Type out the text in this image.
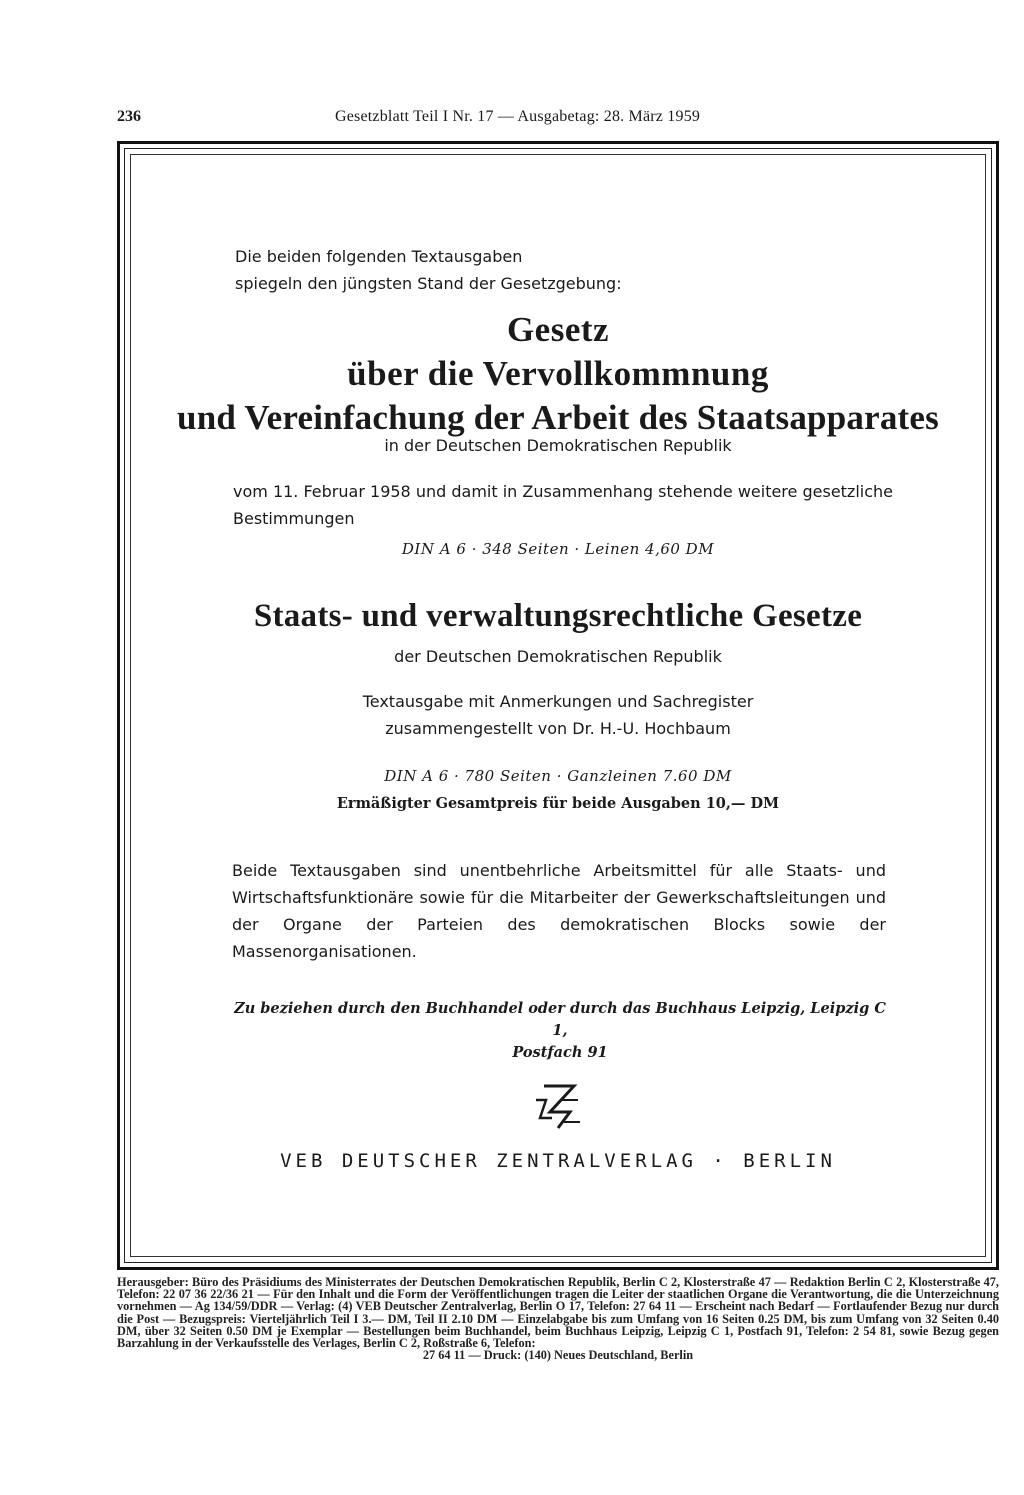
236	Gesetzblatt Teil I Nr. 17 — Ausgabetag: 28. März 1959
Die beiden folgenden Textausgaben
spiegeln den jüngsten Stand der Gesetzgebung:
Gesetz
über die Vervollkommnung
und Vereinfachung der Arbeit des Staatsapparates
in der Deutschen Demokratischen Republik
vom 11. Februar 1958 und damit in Zusammenhang stehende weitere gesetzliche Bestimmungen
DIN A 6 · 348 Seiten · Leinen 4,60 DM
Staats- und verwaltungsrechtliche Gesetze
der Deutschen Demokratischen Republik
Textausgabe mit Anmerkungen und Sachregister
zusammengestellt von Dr. H.-U. Hochbaum
DIN A 6 · 780 Seiten · Ganzleinen 7.60 DM
Ermäßigter Gesamtpreis für beide Ausgaben 10,— DM
Beide Textausgaben sind unentbehrliche Arbeitsmittel für alle Staats- und Wirtschaftsfunktionäre sowie für die Mitarbeiter der Gewerkschaftsleitungen und der Organe der Parteien des demokratischen Blocks sowie der Massenorganisationen.
Zu beziehen durch den Buchhandel oder durch das Buchhaus Leipzig, Leipzig C 1,
Postfach 91
VEB DEUTSCHER ZENTRALVERLAG · BERLIN
Herausgeber: Büro des Präsidiums des Ministerrates der Deutschen Demokratischen Republik, Berlin C 2, Klosterstraße 47 — Redaktion Berlin C 2, Klosterstraße 47, Telefon: 22 07 36 22/36 21 — Für den Inhalt und die Form der Veröffentlichungen tragen die Leiter der staatlichen Organe die Verantwortung, die die Unterzeichnung vornehmen — Ag 134/59/DDR — Verlag: (4) VEB Deutscher Zentralverlag, Berlin O 17, Telefon: 27 64 11 — Erscheint nach Bedarf — Fortlaufender Bezug nur durch die Post — Bezugspreis: Vierteljährlich Teil I 3.— DM, Teil II 2.10 DM — Einzelabgabe bis zum Umfang von 16 Seiten 0.25 DM, bis zum Umfang von 32 Seiten 0.40 DM, über 32 Seiten 0.50 DM je Exemplar — Bestellungen beim Buchhandel, beim Buchhaus Leipzig, Leipzig C 1, Postfach 91, Telefon: 2 54 81, sowie Bezug gegen Barzahlung in der Verkaufsstelle des Verlages, Berlin C 2, Roßstraße 6, Telefon:
27 64 11 — Druck: (140) Neues Deutschland, Berlin
